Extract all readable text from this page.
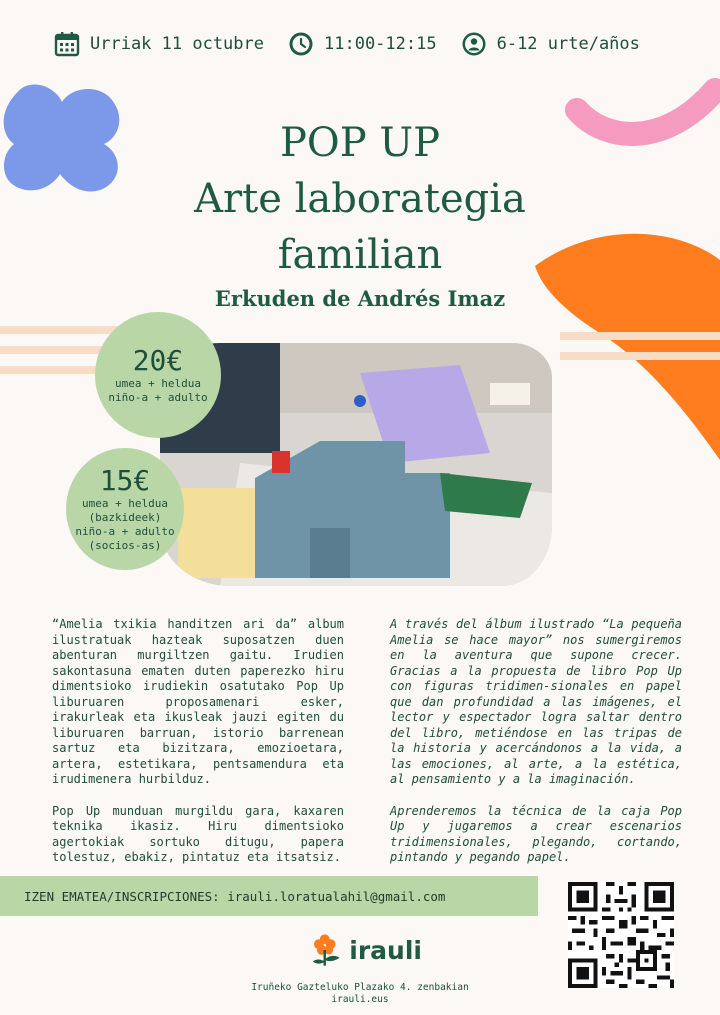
Urriak 11 octubre	11:00-12:15	6-12 urte/años
POP UP
Arte laborategia
familian
Erkuden de Andrés Imaz
20€
umea + heldua
niño-a + adulto
15€
umea + heldua
(bazkideek)
niño-a + adulto
(socios-as)

“Amelia txikia handitzen ari da” album ilustratuak hazteak suposatzen duen abenturan murgiltzen gaitu. Irudien sakontasuna ematen duten paperezko hiru dimentsioko irudiekin osatutako Pop Up liburuaren proposamenari esker, irakurleak eta ikusleak jauzi egiten du liburuaren barruan, istorio barrenean sartuz eta bizitzara, emozioetara, artera, estetikara, pentsamendura eta irudimenera hurbilduz.

Pop Up munduan murgildu gara, kaxaren teknika ikasiz. Hiru dimentsioko agertokiak sortuko ditugu, papera tolestuz, ebakiz, pintatuz eta itsatsiz.

A través del álbum ilustrado “La pequeña Amelia se hace mayor” nos sumergiremos en la aventura que supone crecer. Gracias a la propuesta de libro Pop Up con figuras tridimen-sionales en papel que dan profundidad a las imágenes, el lector y espectador logra saltar dentro del libro, metiéndose en las tripas de la historia y acercándonos a la vida, a las emociones, al arte, a la estética, al pensamiento y a la imaginación.

Aprenderemos la técnica de la caja Pop Up y jugaremos a crear escenarios tridimensionales, plegando, cortando, pintando y pegando papel.

IZEN EMATEA/INSCRIPCIONES: irauli.loratualahil@gmail.com
irauli
Iruñeko Gazteluko Plazako 4. zenbakian
irauli.eus
